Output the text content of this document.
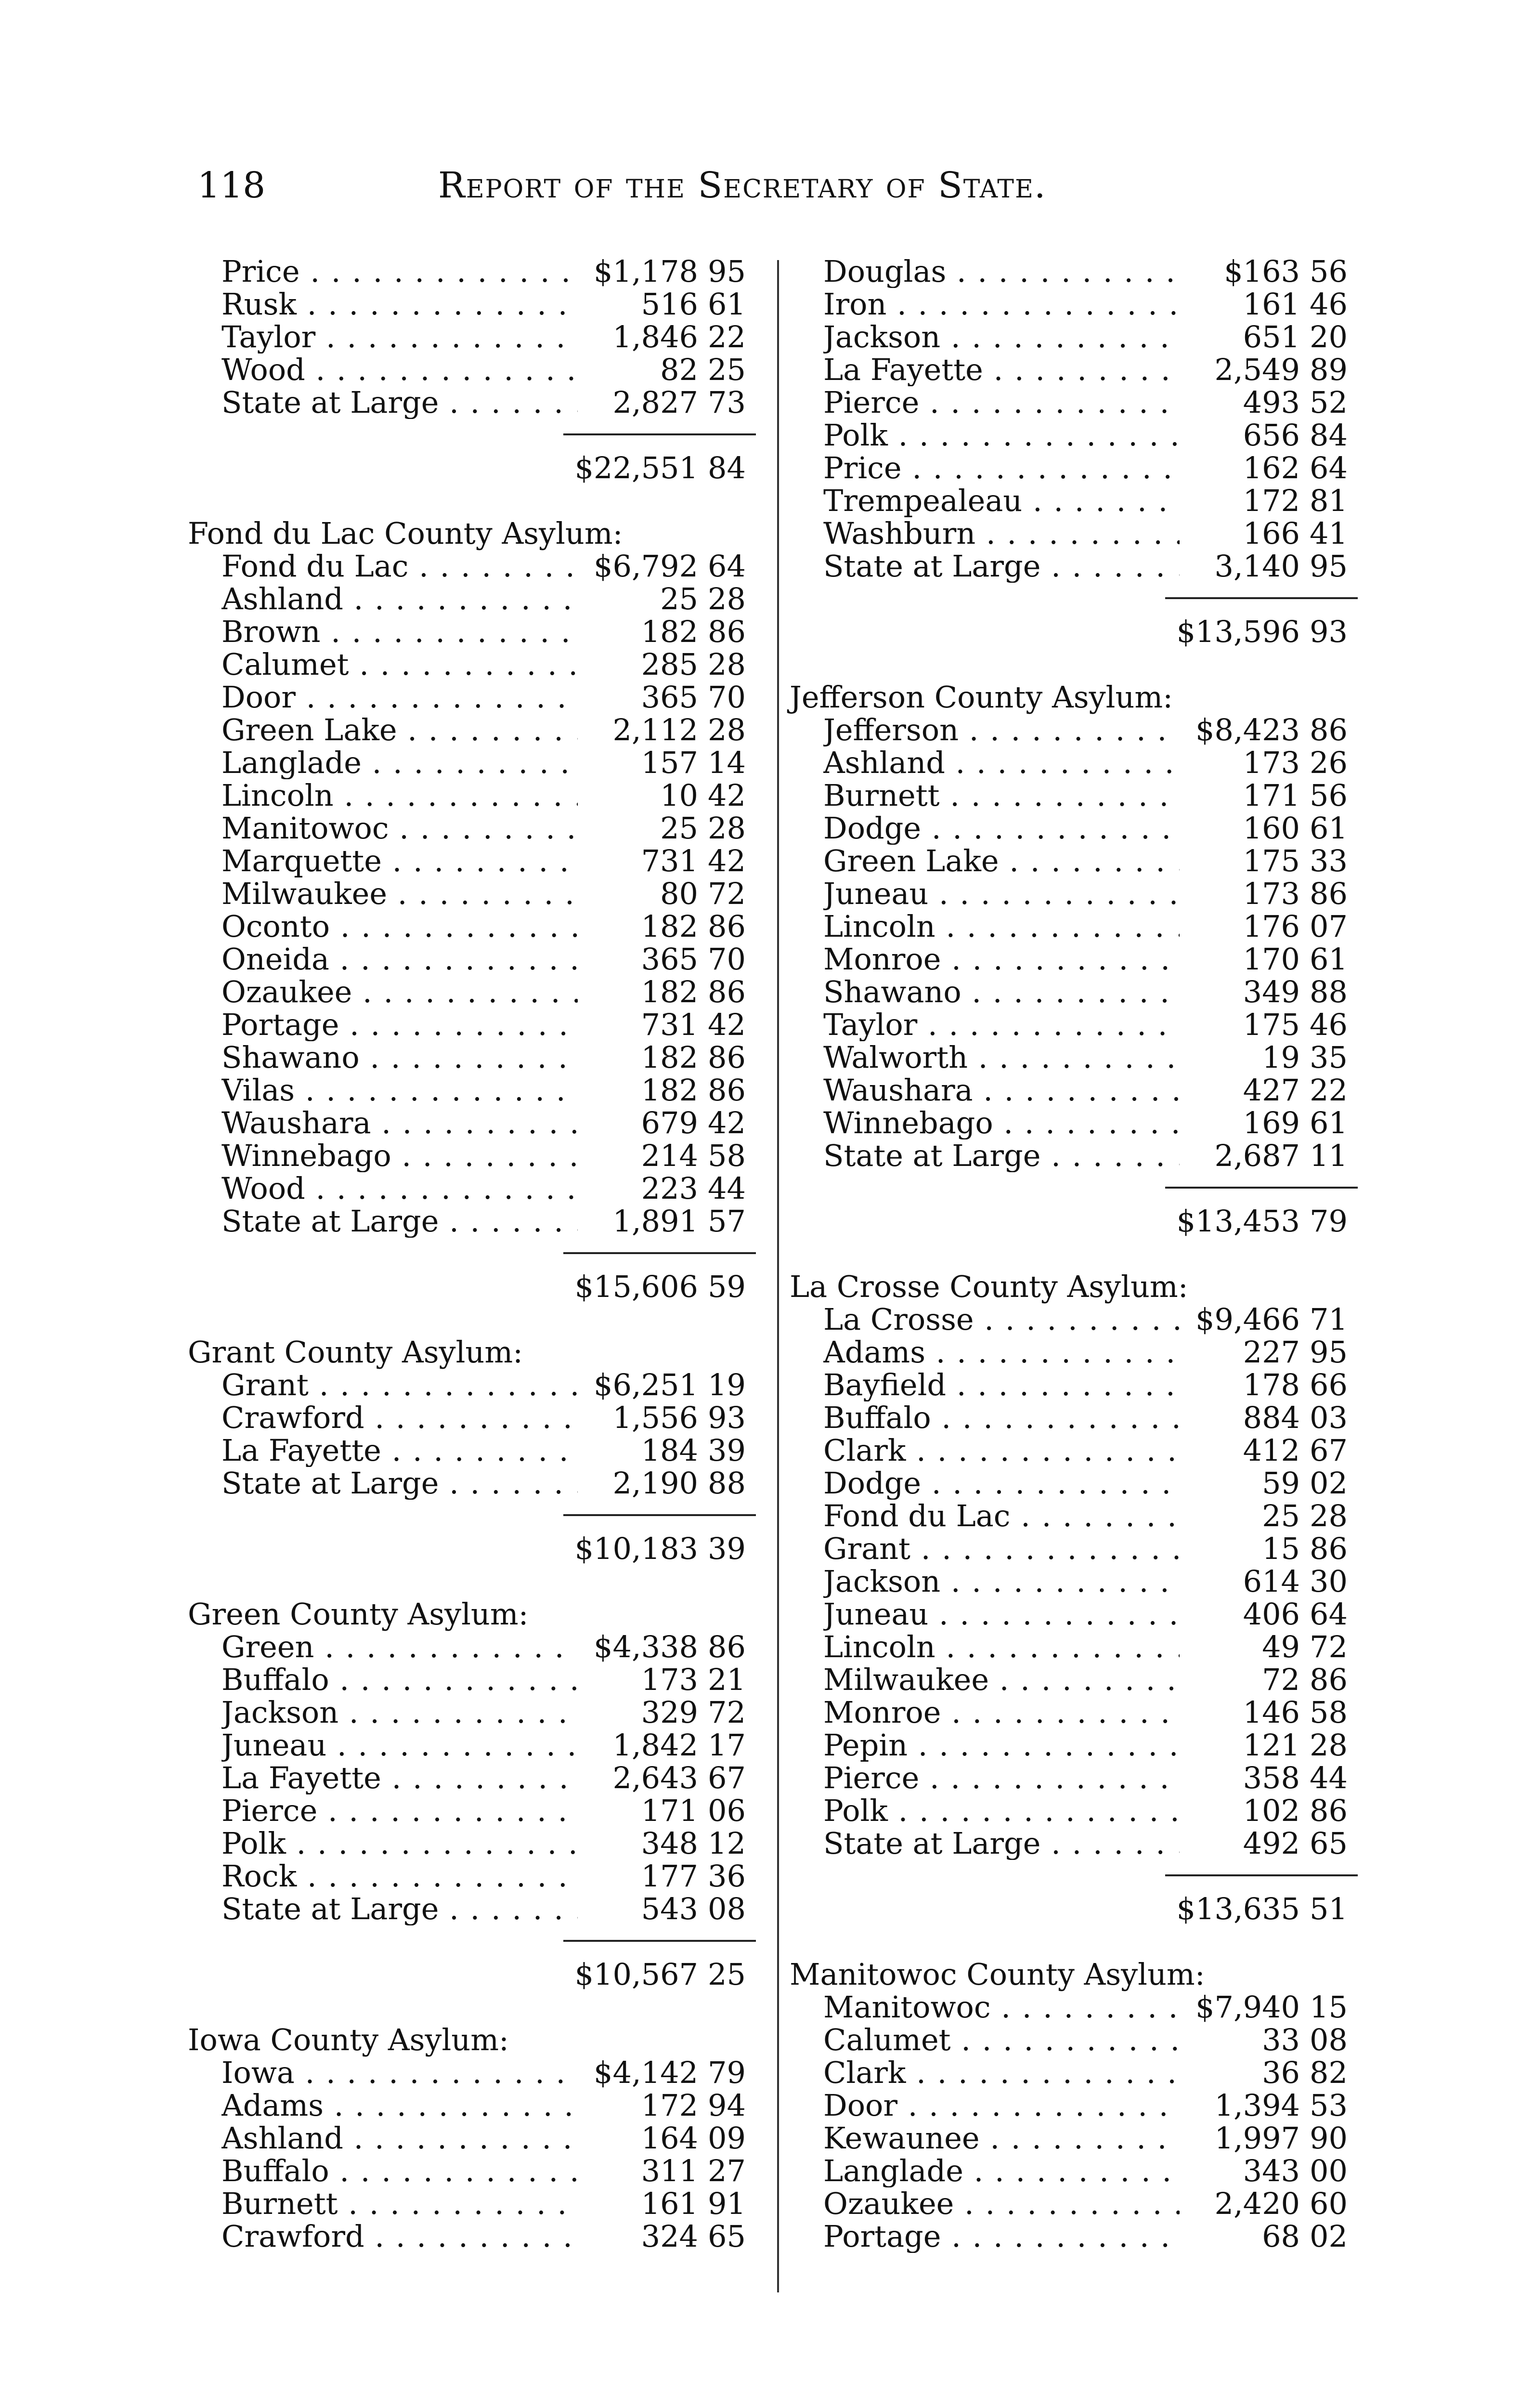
118	Report of the Secretary of State.
Price . . .	$1,178 95
Rusk . . .	516 61
Taylor . . .	1,846 22
Wood . . .	82 25
State at Large . . .	2,827 73
$22,551 84
Fond du Lac County Asylum:
Fond du Lac . . .	$6,792 64
Ashland . . .	25 28
Brown . . .	182 86
Calumet . . .	285 28
Door . . .	365 70
Green Lake . . .	2,112 28
Langlade . . .	157 14
Lincoln . . .	10 42
Manitowoc . . .	25 28
Marquette . . .	731 42
Milwaukee . . .	80 72
Oconto . . .	182 86
Oneida . . .	365 70
Ozaukee . . .	182 86
Portage . . .	731 42
Shawano . . .	182 86
Vilas . . .	182 86
Waushara . . .	679 42
Winnebago . . .	214 58
Wood . . .	223 44
State at Large . . .	1,891 57
$15,606 59
Grant County Asylum:
Grant . . .	$6,251 19
Crawford . . .	1,556 93
La Fayette . . .	184 39
State at Large . . .	2,190 88
$10,183 39
Green County Asylum:
Green . . .	$4,338 86
Buffalo . . .	173 21
Jackson . . .	329 72
Juneau . . .	1,842 17
La Fayette . . .	2,643 67
Pierce . . .	171 06
Polk . . .	348 12
Rock . . .	177 36
State at Large . . .	543 08
$10,567 25
Iowa County Asylum:
Iowa . . .	$4,142 79
Adams . . .	172 94
Ashland . . .	164 09
Buffalo . . .	311 27
Burnett . . .	161 91
Crawford . . .	324 65
Douglas . . .	$163 56
Iron . . .	161 46
Jackson . . .	651 20
La Fayette . . .	2,549 89
Pierce . . .	493 52
Polk . . .	656 84
Price . . .	162 64
Trempealeau . . .	172 81
Washburn . . .	166 41
State at Large . . .	3,140 95
$13,596 93
Jefferson County Asylum:
Jefferson . . .	$8,423 86
Ashland . . .	173 26
Burnett . . .	171 56
Dodge . . .	160 61
Green Lake . . .	175 33
Juneau . . .	173 86
Lincoln . . .	176 07
Monroe . . .	170 61
Shawano . . .	349 88
Taylor . . .	175 46
Walworth . . .	19 35
Waushara . . .	427 22
Winnebago . . .	169 61
State at Large . . .	2,687 11
$13,453 79
La Crosse County Asylum:
La Crosse . . .	$9,466 71
Adams . . .	227 95
Bayfield . . .	178 66
Buffalo . . .	884 03
Clark . . .	412 67
Dodge . . .	59 02
Fond du Lac . . .	25 28
Grant . . .	15 86
Jackson . . .	614 30
Juneau . . .	406 64
Lincoln . . .	49 72
Milwaukee . . .	72 86
Monroe . . .	146 58
Pepin . . .	121 28
Pierce . . .	358 44
Polk . . .	102 86
State at Large . . .	492 65
$13,635 51
Manitowoc County Asylum:
Manitowoc . . .	$7,940 15
Calumet . . .	33 08
Clark . . .	36 82
Door . . .	1,394 53
Kewaunee . . .	1,997 90
Langlade . . .	343 00
Ozaukee . . .	2,420 60
Portage . . .	68 02
